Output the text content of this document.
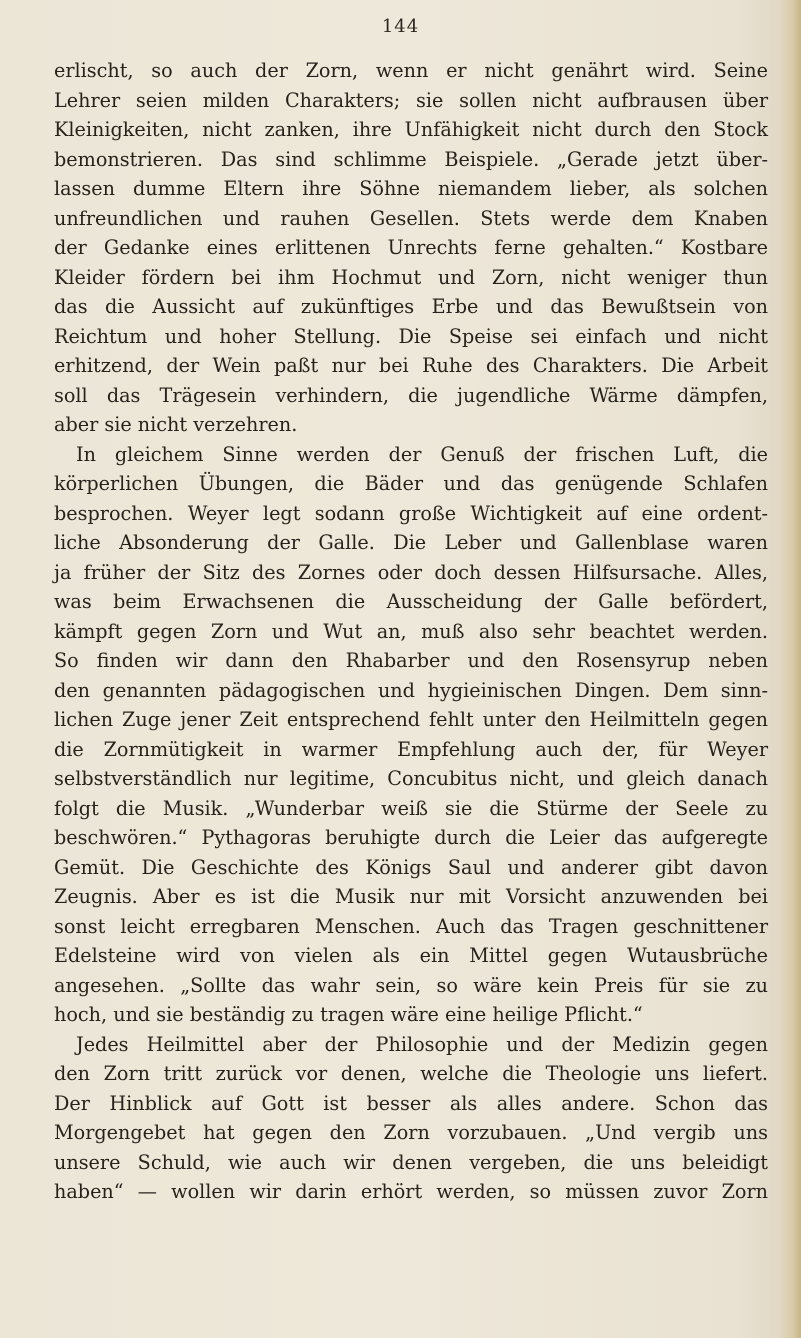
144
erlischt, so auch der Zorn, wenn er nicht genährt wird. Seine
Lehrer seien milden Charakters; sie sollen nicht aufbrausen über
Kleinigkeiten, nicht zanken, ihre Unfähigkeit nicht durch den Stock
bemonstrieren. Das sind schlimme Beispiele. „Gerade jetzt über-
lassen dumme Eltern ihre Söhne niemandem lieber, als solchen
unfreundlichen und rauhen Gesellen. Stets werde dem Knaben
der Gedanke eines erlittenen Unrechts ferne gehalten.“ Kostbare
Kleider fördern bei ihm Hochmut und Zorn, nicht weniger thun
das die Aussicht auf zukünftiges Erbe und das Bewußtsein von
Reichtum und hoher Stellung. Die Speise sei einfach und nicht
erhitzend, der Wein paßt nur bei Ruhe des Charakters. Die Arbeit
soll das Trägesein verhindern, die jugendliche Wärme dämpfen,
aber sie nicht verzehren.
In gleichem Sinne werden der Genuß der frischen Luft, die
körperlichen Übungen, die Bäder und das genügende Schlafen
besprochen. Weyer legt sodann große Wichtigkeit auf eine ordent-
liche Absonderung der Galle. Die Leber und Gallenblase waren
ja früher der Sitz des Zornes oder doch dessen Hilfsursache. Alles,
was beim Erwachsenen die Ausscheidung der Galle befördert,
kämpft gegen Zorn und Wut an, muß also sehr beachtet werden.
So finden wir dann den Rhabarber und den Rosensyrup neben
den genannten pädagogischen und hygieinischen Dingen. Dem sinn-
lichen Zuge jener Zeit entsprechend fehlt unter den Heilmitteln gegen
die Zornmütigkeit in warmer Empfehlung auch der, für Weyer
selbstverständlich nur legitime, Concubitus nicht, und gleich danach
folgt die Musik. „Wunderbar weiß sie die Stürme der Seele zu
beschwören.“ Pythagoras beruhigte durch die Leier das aufgeregte
Gemüt. Die Geschichte des Königs Saul und anderer gibt davon
Zeugnis. Aber es ist die Musik nur mit Vorsicht anzuwenden bei
sonst leicht erregbaren Menschen. Auch das Tragen geschnittener
Edelsteine wird von vielen als ein Mittel gegen Wutausbrüche
angesehen. „Sollte das wahr sein, so wäre kein Preis für sie zu
hoch, und sie beständig zu tragen wäre eine heilige Pflicht.“
Jedes Heilmittel aber der Philosophie und der Medizin gegen
den Zorn tritt zurück vor denen, welche die Theologie uns liefert.
Der Hinblick auf Gott ist besser als alles andere. Schon das
Morgengebet hat gegen den Zorn vorzubauen. „Und vergib uns
unsere Schuld, wie auch wir denen vergeben, die uns beleidigt
haben“ — wollen wir darin erhört werden, so müssen zuvor Zorn
